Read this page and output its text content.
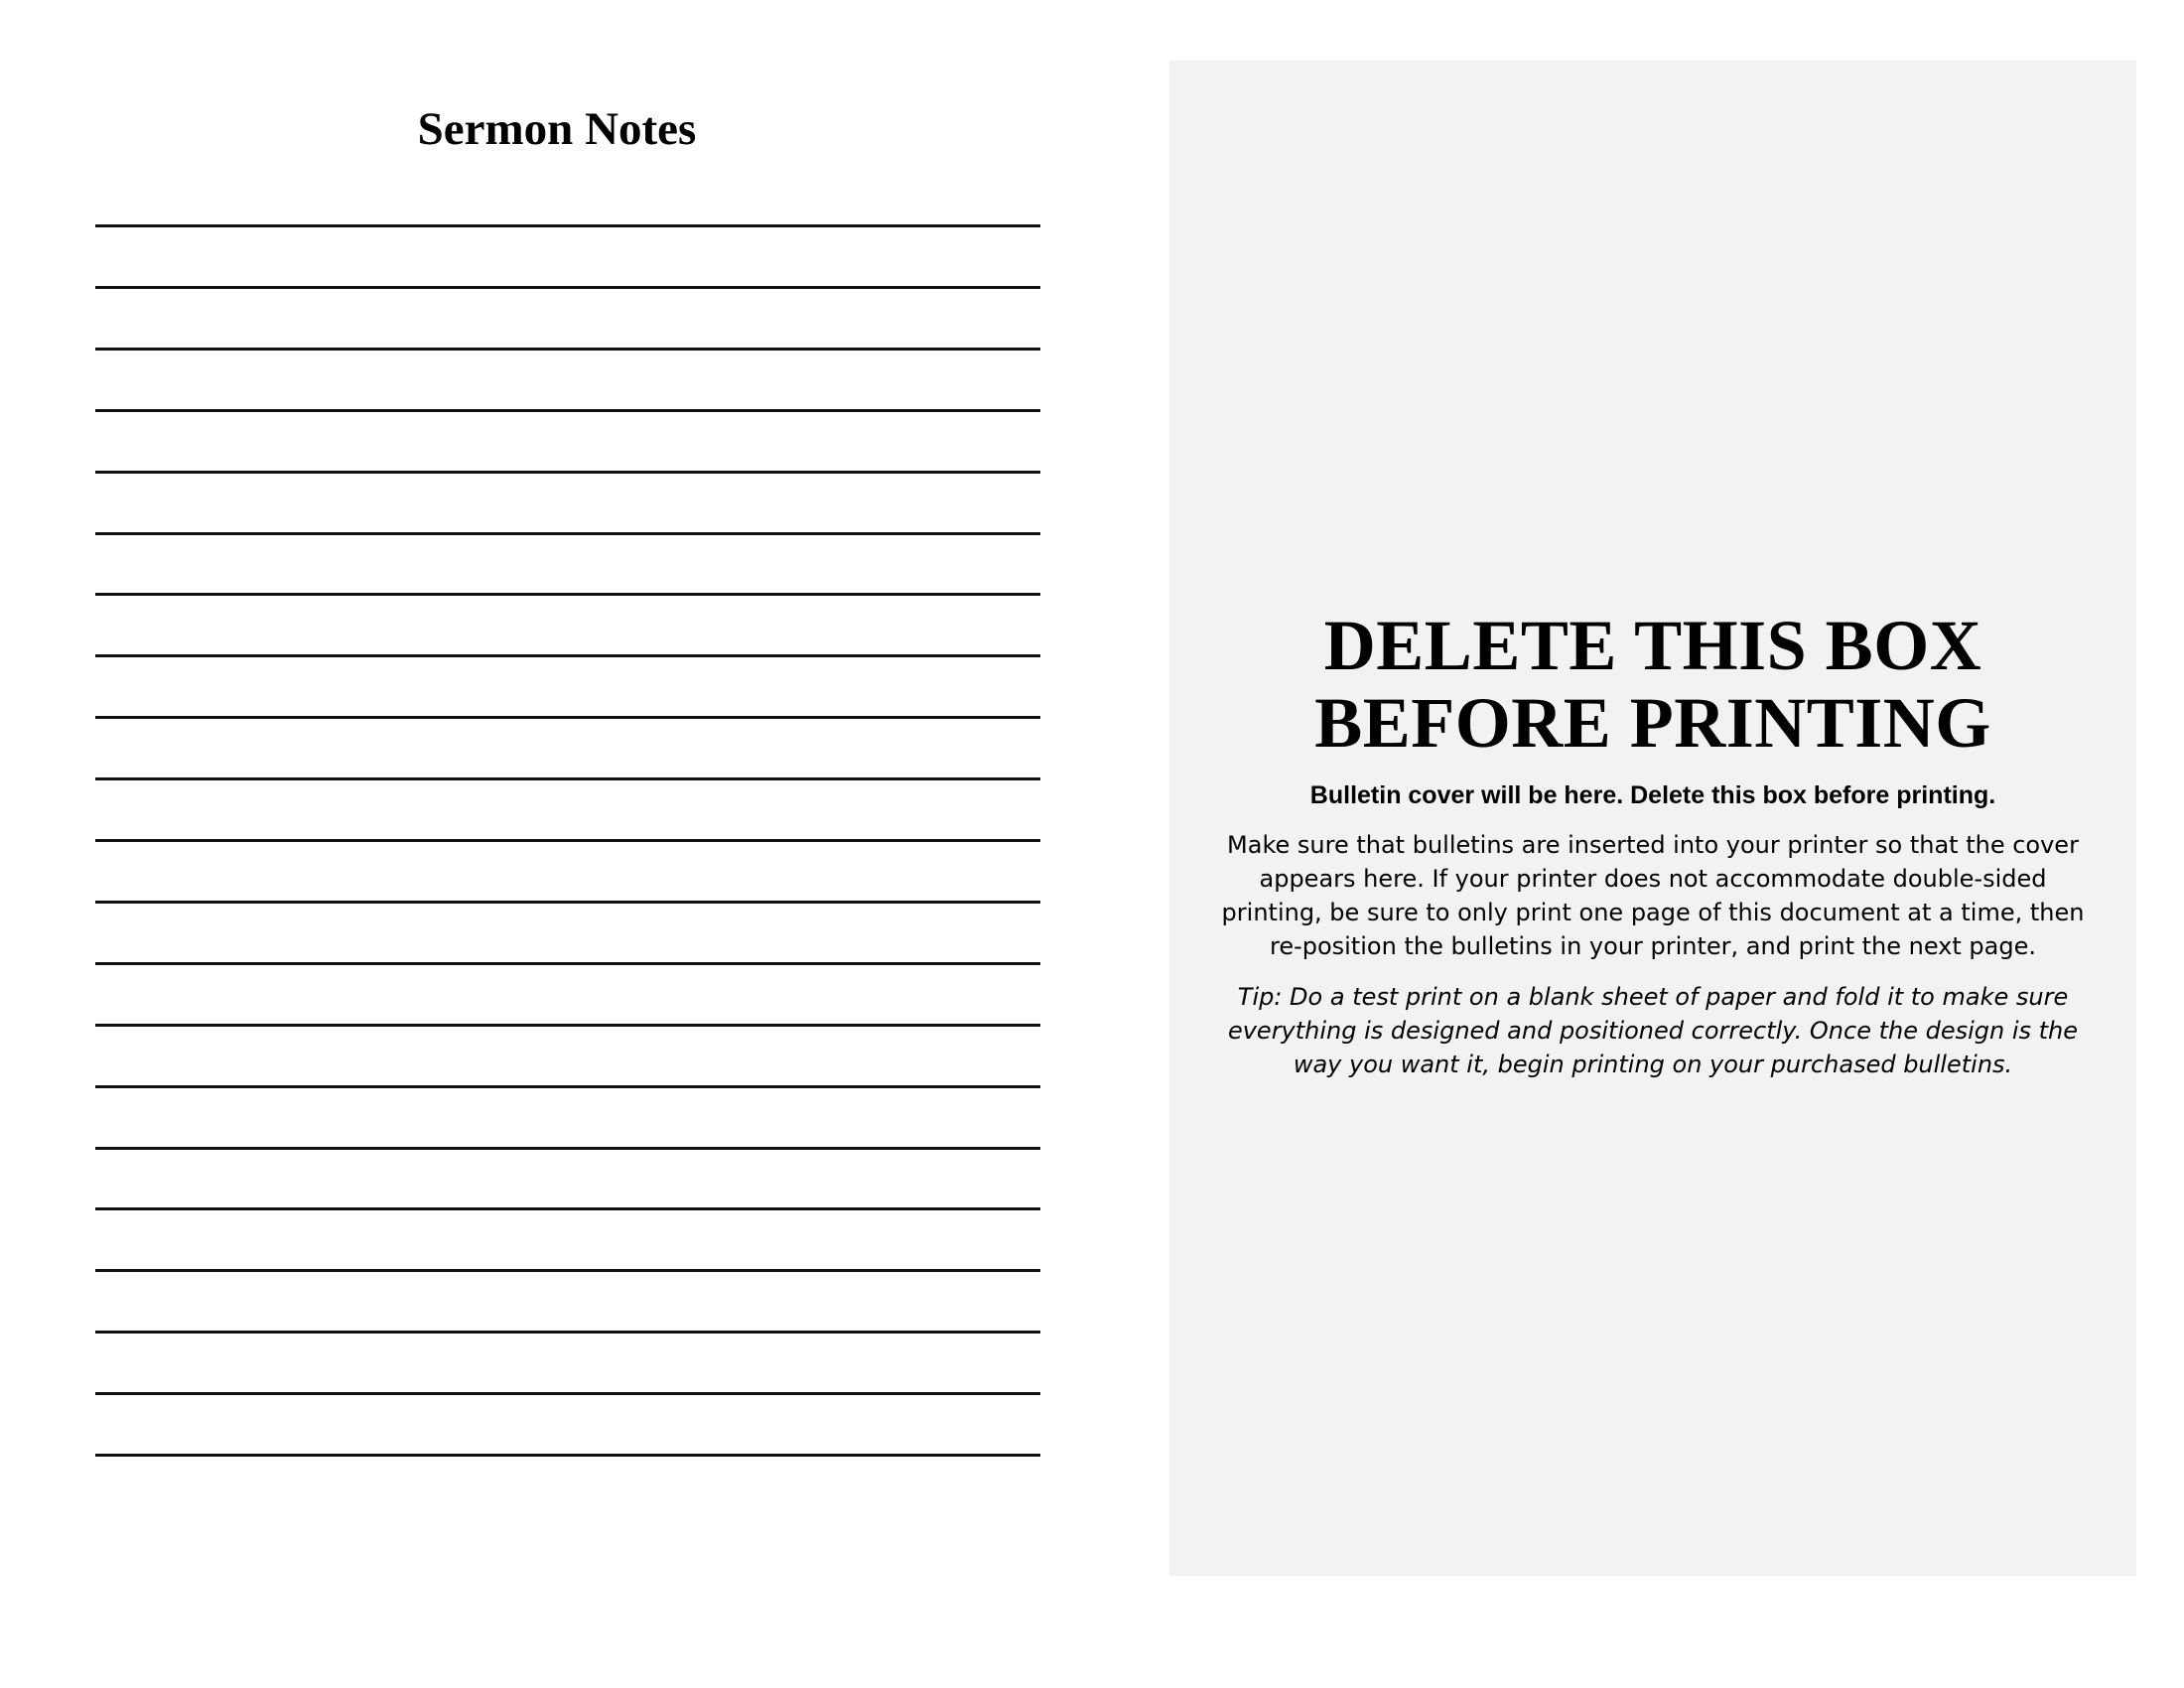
Sermon Notes
DELETE THIS BOX
BEFORE PRINTING

Bulletin cover will be here. Delete this box before printing.

Make sure that bulletins are inserted into your printer so that the cover appears here. If your printer does not accommodate double-sided printing, be sure to only print one page of this document at a time, then re-position the bulletins in your printer, and print the next page.

Tip: Do a test print on a blank sheet of paper and fold it to make sure everything is designed and positioned correctly. Once the design is the way you want it, begin printing on your purchased bulletins.
